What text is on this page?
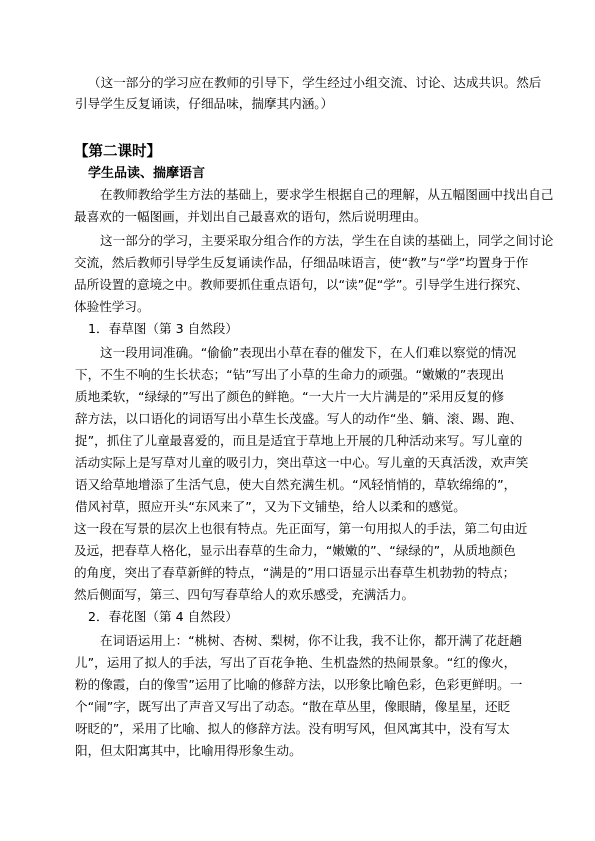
（这一部分的学习应在教师的引导下，学生经过小组交流、讨论、达成共识。然后
引导学生反复诵读，仔细品味，揣摩其内涵。）
【第二课时】
学生品读、揣摩语言
在教师教给学生方法的基础上，要求学生根据自己的理解，从五幅图画中找出自己
最喜欢的一幅图画，并划出自己最喜欢的语句，然后说明理由。
这一部分的学习，主要采取分组合作的方法，学生在自读的基础上，同学之间讨论
交流，然后教师引导学生反复诵读作品，仔细品味语言，使“教”与“学”均置身于作
品所设置的意境之中。教师要抓住重点语句，以“读”促“学”。引导学生进行探究、
体验性学习。
1．春草图（第 3 自然段）
这一段用词准确。“偷偷”表现出小草在春的催发下，在人们难以察觉的情况
下，不生不响的生长状态；“钻”写出了小草的生命力的顽强。“嫩嫩的”表现出
质地柔软，“绿绿的”写出了颜色的鲜艳。“一大片一大片满是的”采用反复的修
辞方法，以口语化的词语写出小草生长茂盛。写人的动作“坐、躺、滚、踢、跑、
捉”，抓住了儿童最喜爱的，而且是适宜于草地上开展的几种活动来写。写儿童的
活动实际上是写草对儿童的吸引力，突出草这一中心。写儿童的天真活泼，欢声笑
语又给草地增添了生活气息，使大自然充满生机。“风轻悄悄的，草软绵绵的”，
借风衬草，照应开头“东风来了”，又为下文铺垫，给人以柔和的感觉。
这一段在写景的层次上也很有特点。先正面写，第一句用拟人的手法，第二句由近
及远，把春草人格化，显示出春草的生命力，“嫩嫩的”、“绿绿的”，从质地颜色
的角度，突出了春草新鲜的特点，“满是的”用口语显示出春草生机勃勃的特点；
然后侧面写，第三、四句写春草给人的欢乐感受，充满活力。
2．春花图（第 4 自然段）
在词语运用上：“桃树、杏树、梨树，你不让我，我不让你，都开满了花赶趟
儿”，运用了拟人的手法，写出了百花争艳、生机盎然的热闹景象。“红的像火，
粉的像霞，白的像雪”运用了比喻的修辞方法，以形象比喻色彩，色彩更鲜明。一
个“闹”字，既写出了声音又写出了动态。“散在草丛里，像眼睛，像星星，还眨
呀眨的”，采用了比喻、拟人的修辞方法。没有明写风，但风寓其中，没有写太
阳，但太阳寓其中，比喻用得形象生动。
